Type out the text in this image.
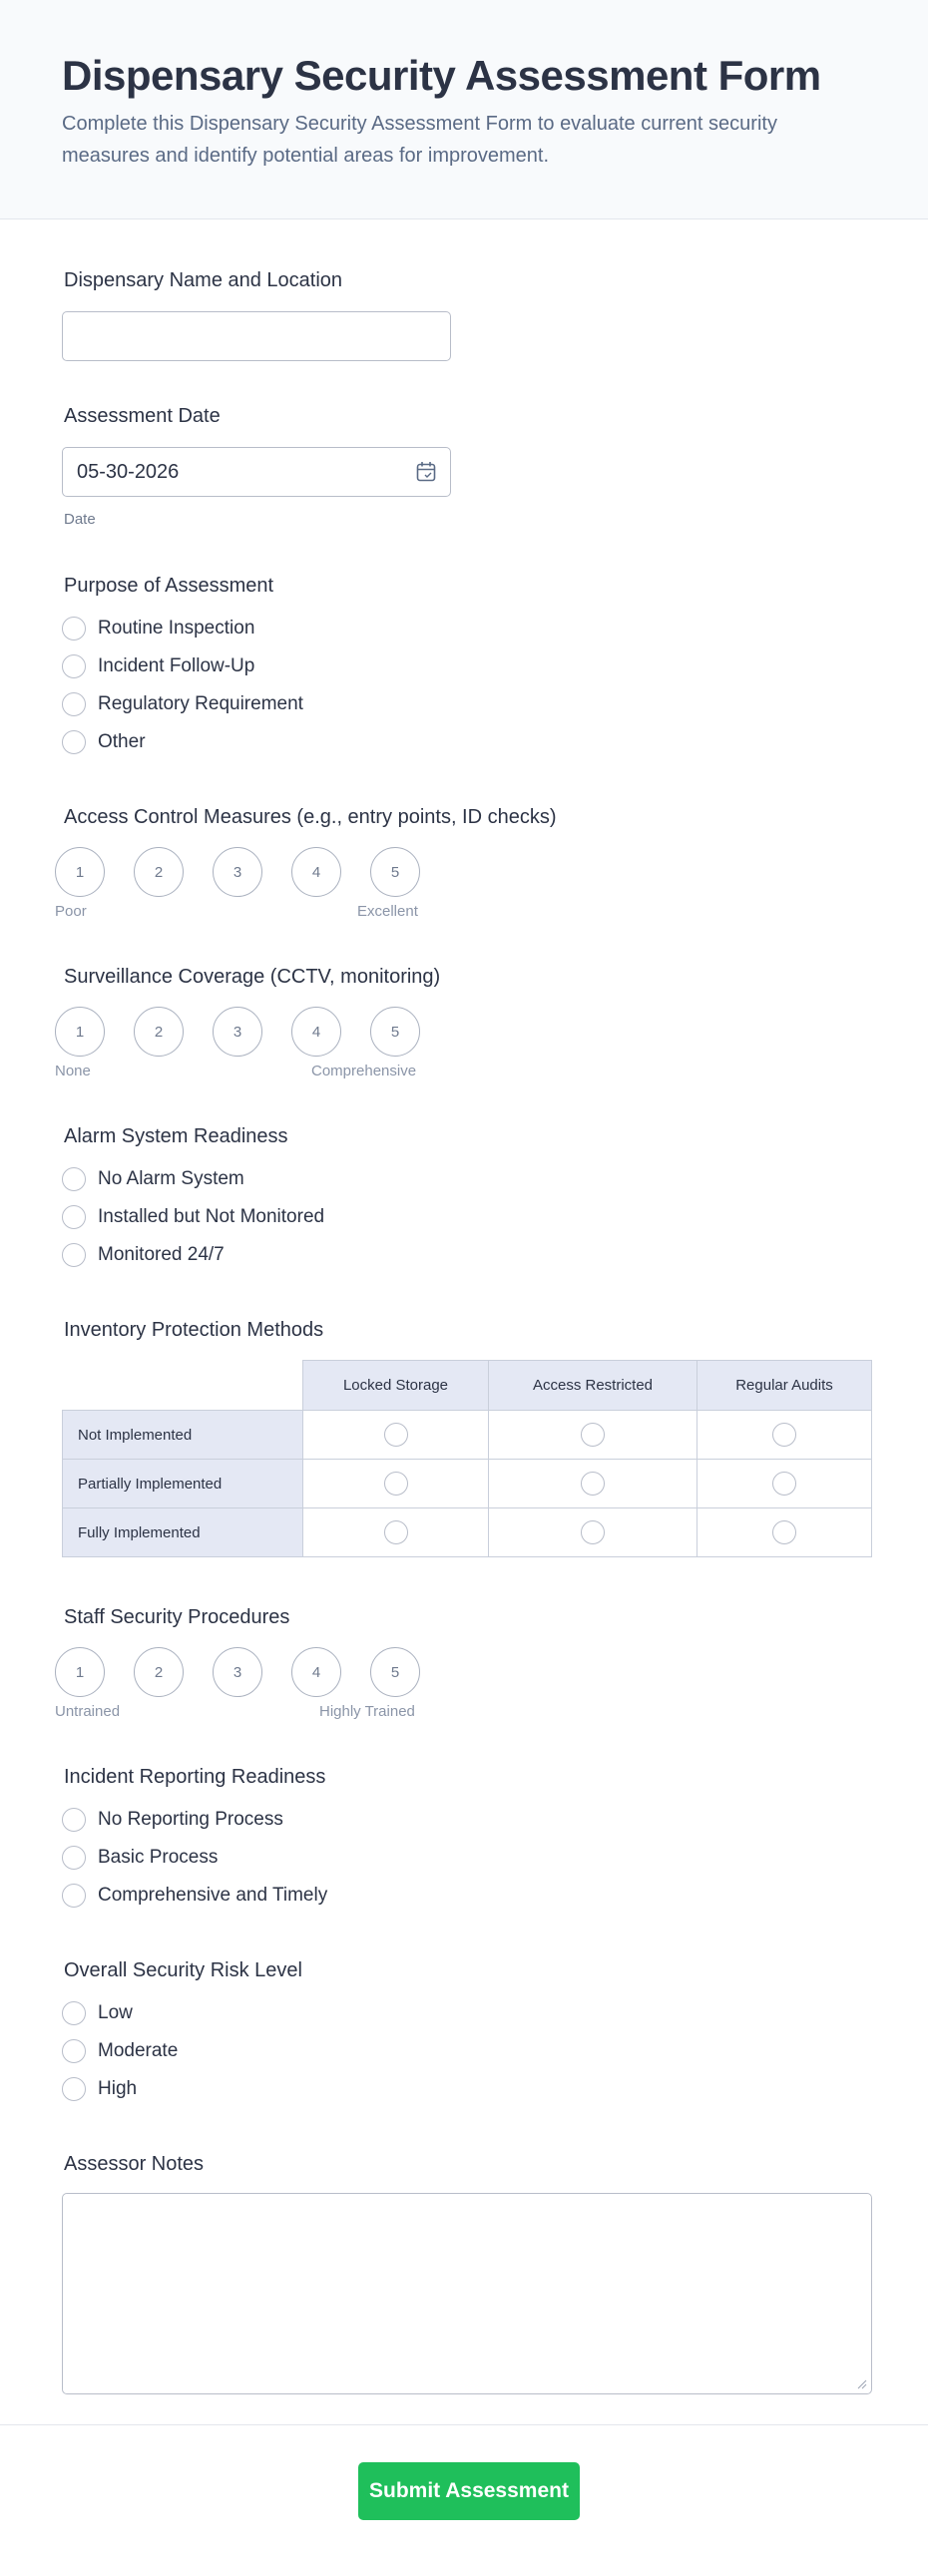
Dispensary Security Assessment Form
Complete this Dispensary Security Assessment Form to evaluate current security measures and identify potential areas for improvement.
Dispensary Name and Location
Assessment Date
05-30-2026
Date
Purpose of Assessment
Routine Inspection
Incident Follow-Up
Regulatory Requirement
Other
Access Control Measures (e.g., entry points, ID checks)
1	2	3	4	5
Poor	Excellent
Surveillance Coverage (CCTV, monitoring)
1	2	3	4	5
None	Comprehensive
Alarm System Readiness
No Alarm System
Installed but Not Monitored
Monitored 24/7
Inventory Protection Methods
Locked Storage	Access Restricted	Regular Audits
Not Implemented
Partially Implemented
Fully Implemented
Staff Security Procedures
1	2	3	4	5
Untrained	Highly Trained
Incident Reporting Readiness
No Reporting Process
Basic Process
Comprehensive and Timely
Overall Security Risk Level
Low
Moderate
High
Assessor Notes
Submit Assessment
